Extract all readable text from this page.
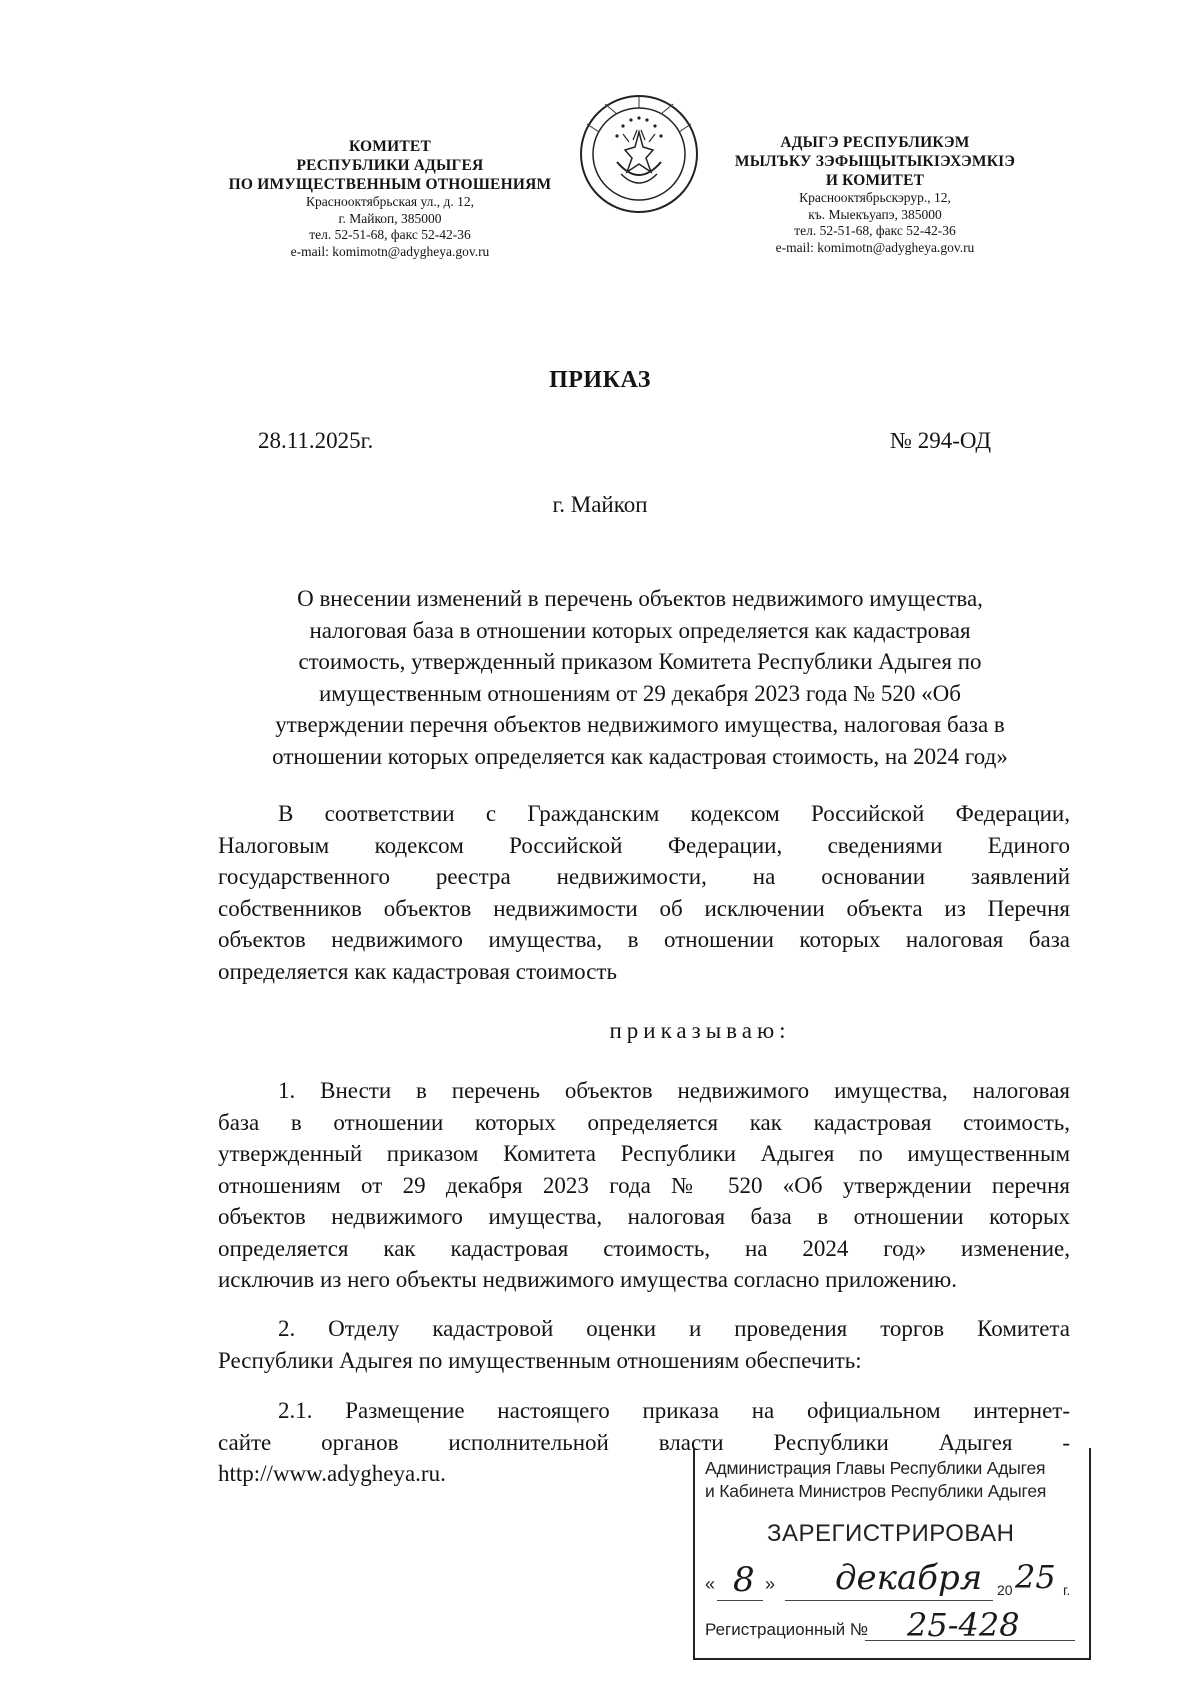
КОМИТЕТ
РЕСПУБЛИКИ АДЫГЕЯ
ПО ИМУЩЕСТВЕННЫМ ОТНОШЕНИЯМ
Краснооктябрьская ул., д. 12,
г. Майкоп, 385000
тел. 52-51-68, факс 52-42-36
e-mail: komimotn@adygheya.gov.ru
АДЫГЭ РЕСПУБЛИКЭМ
МЫЛЪКУ ЗЭФЫЩЫТЫКIЭХЭМКIЭ
И КОМИТЕТ
Краснооктябрьскэрур., 12,
къ. Мыекъуапэ, 385000
тел. 52-51-68, факс 52-42-36
e-mail: komimotn@adygheya.gov.ru
ПРИКАЗ
28.11.2025г.	№ 294-ОД
г. Майкоп
О внесении изменений в перечень объектов недвижимого имущества,
налоговая база в отношении которых определяется как кадастровая
стоимость, утвержденный приказом Комитета Республики Адыгея по
имущественным отношениям от 29 декабря 2023 года № 520 «Об
утверждении перечня объектов недвижимого имущества, налоговая база в
отношении которых определяется как кадастровая стоимость, на 2024 год»
В соответствии с Гражданским кодексом Российской Федерации,
Налоговым кодексом Российской Федерации, сведениями Единого
государственного реестра недвижимости, на основании заявлений
собственников объектов недвижимости об исключении объекта из Перечня
объектов недвижимого имущества, в отношении которых налоговая база
определяется как кадастровая стоимость
приказываю:
1. Внести в перечень объектов недвижимого имущества, налоговая
база в отношении которых определяется как кадастровая стоимость,
утвержденный приказом Комитета Республики Адыгея по имущественным
отношениям от 29 декабря 2023 года № 520 «Об утверждении перечня
объектов недвижимого имущества, налоговая база в отношении которых
определяется как кадастровая стоимость, на 2024 год» изменение,
исключив из него объекты недвижимого имущества согласно приложению.
2. Отделу кадастровой оценки и проведения торгов Комитета
Республики Адыгея по имущественным отношениям обеспечить:
2.1. Размещение настоящего приказа на официальном интернет-
сайте органов исполнительной власти Республики Адыгея -
http://www.adygheya.ru.	Администрация Главы Республики Адыгея
и Кабинета Министров Республики Адыгея
ЗАРЕГИСТРИРОВАН
« 8 » декабря 20 25 г.
Регистрационный № 25-428
